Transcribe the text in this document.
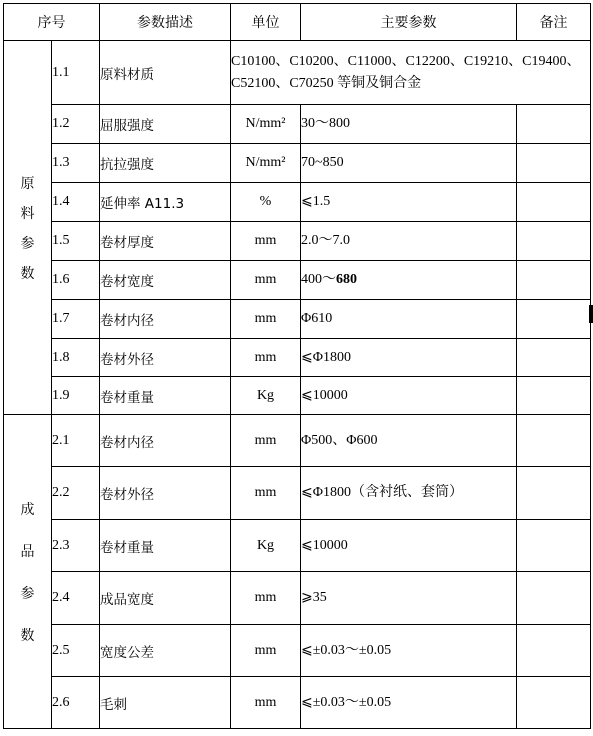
序号		参数描述	单位	主要参数	备注

原
料
参
数	1.1	原料材质	C10100、C10200、C11000、C12200、C19210、C19400、C52100、C70250 等铜及铜合金		
	1.2	屈服强度	N/mm²	30～800	
	1.3	抗拉强度	N/mm²	70~850	
	1.4	延伸率 A11.3	%	⩽1.5	
	1.5	卷材厚度	mm	2.0～7.0	
	1.6	卷材宽度	mm	400～680	
	1.7	卷材内径	mm	Φ610	
	1.8	卷材外径	mm	⩽Φ1800	
	1.9	卷材重量	Kg	⩽10000	

成
品
参
数	2.1	卷材内径	mm	Φ500、Φ600	
	2.2	卷材外径	mm	⩽Φ1800（含衬纸、套筒）	
	2.3	卷材重量	Kg	⩽10000	
	2.4	成品宽度	mm	⩾35	
	2.5	宽度公差	mm	⩽±0.03～±0.05	
	2.6	毛刺	mm	⩽±0.03～±0.05	
